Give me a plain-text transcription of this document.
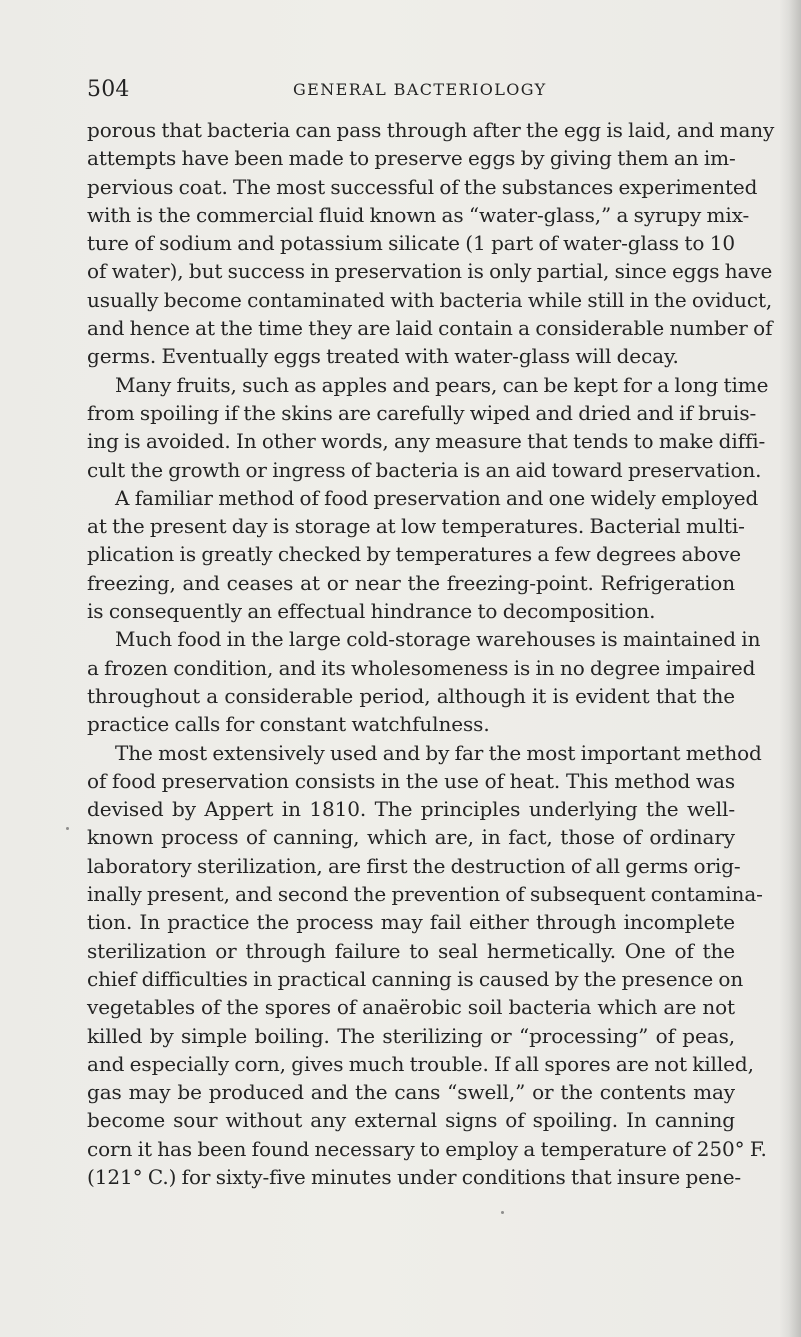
504	GENERAL BACTERIOLOGY
porous that bacteria can pass through after the egg is laid, and many
attempts have been made to preserve eggs by giving them an im-
pervious coat. The most successful of the substances experimented
with is the commercial fluid known as “water-glass,” a syrupy mix-
ture of sodium and potassium silicate (1 part of water-glass to 10
of water), but success in preservation is only partial, since eggs have
usually become contaminated with bacteria while still in the oviduct,
and hence at the time they are laid contain a considerable number of
germs. Eventually eggs treated with water-glass will decay.
Many fruits, such as apples and pears, can be kept for a long time
from spoiling if the skins are carefully wiped and dried and if bruis-
ing is avoided. In other words, any measure that tends to make diffi-
cult the growth or ingress of bacteria is an aid toward preservation.
A familiar method of food preservation and one widely employed
at the present day is storage at low temperatures. Bacterial multi-
plication is greatly checked by temperatures a few degrees above
freezing, and ceases at or near the freezing-point. Refrigeration
is consequently an effectual hindrance to decomposition.
Much food in the large cold-storage warehouses is maintained in
a frozen condition, and its wholesomeness is in no degree impaired
throughout a considerable period, although it is evident that the
practice calls for constant watchfulness.
The most extensively used and by far the most important method
of food preservation consists in the use of heat. This method was
devised by Appert in 1810. The principles underlying the well-
known process of canning, which are, in fact, those of ordinary
laboratory sterilization, are first the destruction of all germs orig-
inally present, and second the prevention of subsequent contamina-
tion. In practice the process may fail either through incomplete
sterilization or through failure to seal hermetically. One of the
chief difficulties in practical canning is caused by the presence on
vegetables of the spores of anaërobic soil bacteria which are not
killed by simple boiling. The sterilizing or “processing” of peas,
and especially corn, gives much trouble. If all spores are not killed,
gas may be produced and the cans “swell,” or the contents may
become sour without any external signs of spoiling. In canning
corn it has been found necessary to employ a temperature of 250° F.
(121° C.) for sixty-five minutes under conditions that insure pene-
